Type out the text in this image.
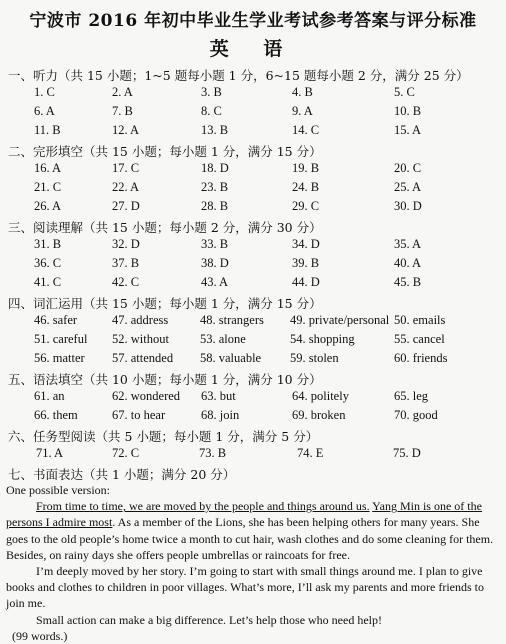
宁波市 2016 年初中毕业生学业考试参考答案与评分标准
英 语
一、听力（共 15 小题；1~5 题每小题 1 分，6~15 题每小题 2 分，满分 25 分）
1. C	2. A	3. B	4. B	5. C
6. A	7. B	8. C	9. A	10. B
11. B	12. A	13. B	14. C	15. A
二、完形填空（共 15 小题；每小题 1 分，满分 15 分）
16. A	17. C	18. D	19. B	20. C
21. C	22. A	23. B	24. B	25. A
26. A	27. D	28. B	29. C	30. D
三、阅读理解（共 15 小题；每小题 2 分，满分 30 分）
31. B	32. D	33. B	34. D	35. A
36. C	37. B	38. D	39. B	40. A
41. C	42. C	43. A	44. D	45. B
四、词汇运用（共 15 小题；每小题 1 分，满分 15 分）
46. safer	47. address	48. strangers 49. private/personal 50. emails
51. careful 52. without 53. alone	54. shopping	55. cancel
56. matter 57. attended 58. valuable 59. stolen	60. friends
五、语法填空（共 10 小题；每小题 1 分，满分 10 分）
61. an	62. wondered 63. but	64. politely	65. leg
66. them	67. to hear	68. join	69. broken	70. good
六、任务型阅读（共 5 小题；每小题 1 分，满分 5 分）
71. A	72. C	73. B	74. E	75. D
七、书面表达（共 1 小题；满分 20 分）
One possible version:
From time to time, we are moved by the people and things around us. Yang Min is one of the persons I admire most. As a member of the Lions, she has been helping others for many years. She goes to the old people’s home twice a month to cut hair, wash clothes and do some cleaning for them. Besides, on rainy days she offers people umbrellas or raincoats for free.
I’m deeply moved by her story. I’m going to start with small things around me. I plan to give books and clothes to children in poor villages. What’s more, I’ll ask my parents and more friends to join me.
Small action can make a big difference. Let’s help those who need help!
(99 words.)
